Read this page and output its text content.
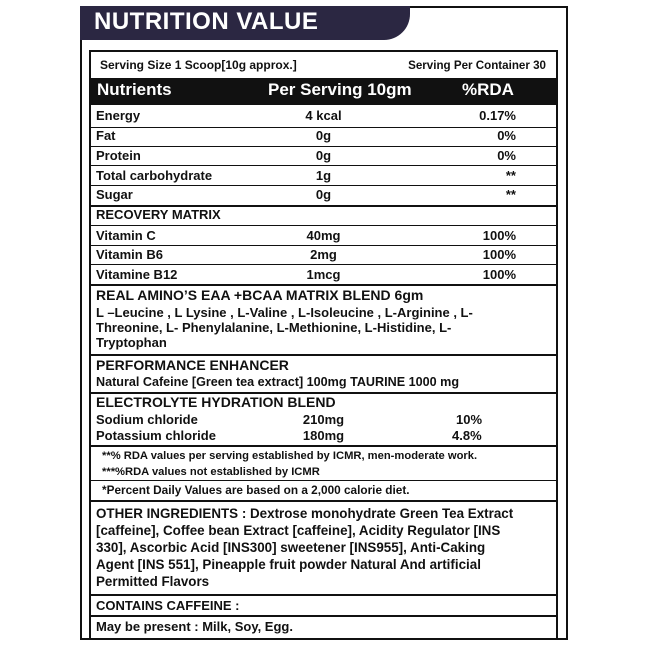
NUTRITION VALUE
Serving Size 1 Scoop[10g approx.]	Serving Per Container 30
Nutrients	Per Serving 10gm	%RDA
Energy	4 kcal	0.17%
Fat	0g	0%
Protein	0g	0%
Total carbohydrate	1g	**
Sugar	0g	**
RECOVERY MATRIX
Vitamin C	40mg	100%
Vitamin B6	2mg	100%
Vitamine B12	1mcg	100%
REAL AMINO’S EAA +BCAA MATRIX BLEND 6gm
L –Leucine , L Lysine , L-Valine , L-Isoleucine , L-Arginine , L-
Threonine, L- Phenylalanine, L-Methionine, L-Histidine, L-
Tryptophan
PERFORMANCE ENHANCER
Natural Cafeine [Green tea extract] 100mg TAURINE 1000 mg
ELECTROLYTE HYDRATION BLEND
Sodium chloride	210mg	10%
Potassium chloride	180mg	4.8%
**% RDA values per serving established by ICMR, men-moderate work.
***%RDA values not established by ICMR
*Percent Daily Values are based on a 2,000 calorie diet.
OTHER INGREDIENTS : Dextrose monohydrate Green Tea Extract
[caffeine], Coffee bean Extract [caffeine], Acidity Regulator [INS
330], Ascorbic Acid [INS300] sweetener [INS955], Anti-Caking
Agent [INS 551], Pineapple fruit powder Natural And artificial
Permitted Flavors
CONTAINS CAFFEINE :
May be present : Milk, Soy, Egg.
